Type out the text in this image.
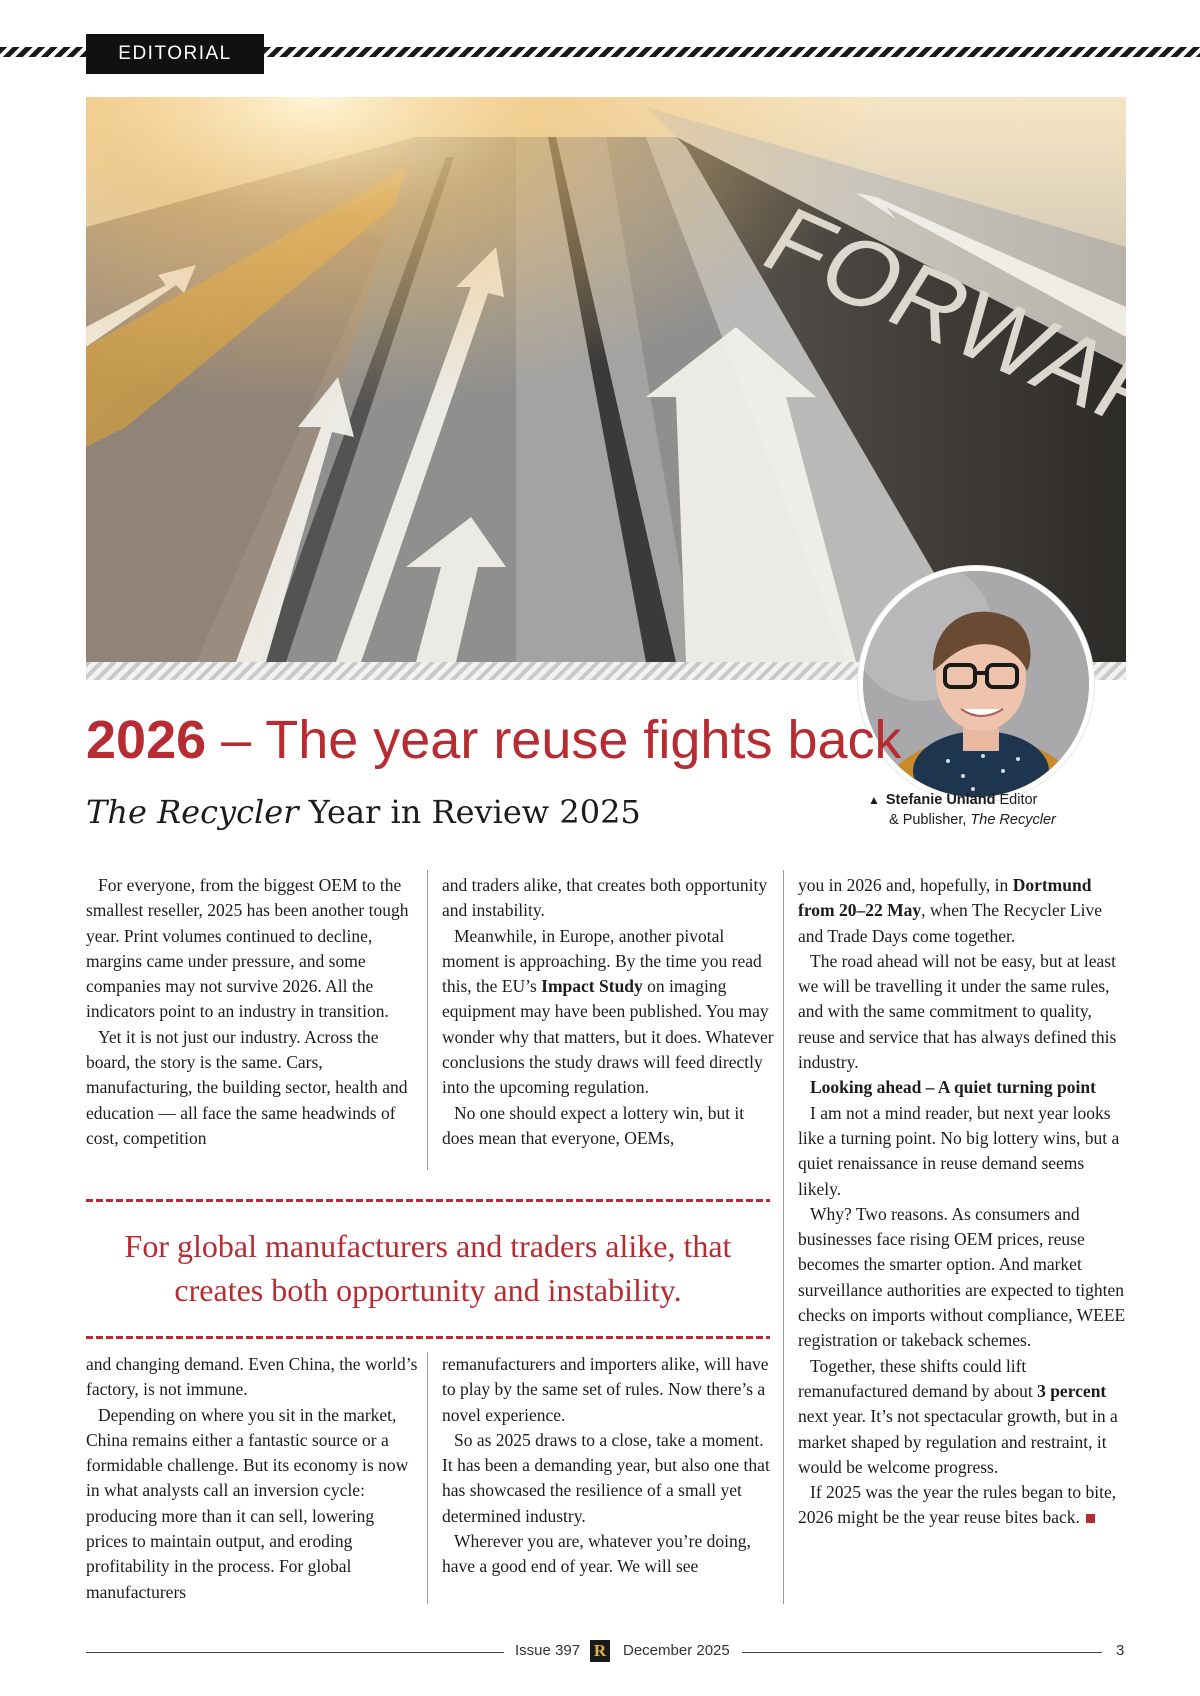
EDITORIAL
▲ Stefanie Unland Editor
& Publisher, The Recycler
2026 – The year reuse fights back
The Recycler Year in Review 2025

For everyone, from the biggest OEM to the smallest reseller, 2025 has been another tough year. Print volumes continued to decline, margins came under pressure, and some companies may not survive 2026. All the indicators point to an industry in transition.

Yet it is not just our industry. Across the board, the story is the same. Cars, manufacturing, the building sector, health and education — all face the same headwinds of cost, competition

and traders alike, that creates both opportunity and instability.

Meanwhile, in Europe, another pivotal moment is approaching. By the time you read this, the EU’s Impact Study on imaging equipment may have been published. You may wonder why that matters, but it does. Whatever conclusions the study draws will feed directly into the upcoming regulation.

No one should expect a lottery win, but it does mean that everyone, OEMs,

For global manufacturers and traders alike, that creates both opportunity and instability.

and changing demand. Even China, the world’s factory, is not immune.

Depending on where you sit in the market, China remains either a fantastic source or a formidable challenge. But its economy is now in what analysts call an inversion cycle: producing more than it can sell, lowering prices to maintain output, and eroding profitability in the process. For global manufacturers

remanufacturers and importers alike, will have to play by the same set of rules. Now there’s a novel experience.

So as 2025 draws to a close, take a moment. It has been a demanding year, but also one that has showcased the resilience of a small yet determined industry.

Wherever you are, whatever you’re doing, have a good end of year. We will see

you in 2026 and, hopefully, in Dortmund from 20–22 May, when The Recycler Live and Trade Days come together.

The road ahead will not be easy, but at least we will be travelling it under the same rules, and with the same commitment to quality, reuse and service that has always defined this industry.

Looking ahead – A quiet turning point

I am not a mind reader, but next year looks like a turning point. No big lottery wins, but a quiet renaissance in reuse demand seems likely.

Why? Two reasons. As consumers and businesses face rising OEM prices, reuse becomes the smarter option. And market surveillance authorities are expected to tighten checks on imports without compliance, WEEE registration or takeback schemes.

Together, these shifts could lift remanufactured demand by about 3 percent next year. It’s not spectacular growth, but in a market shaped by regulation and restraint, it would be welcome progress.

If 2025 was the year the rules began to bite, 2026 might be the year reuse bites back.

Issue 397 R December 2025	3
